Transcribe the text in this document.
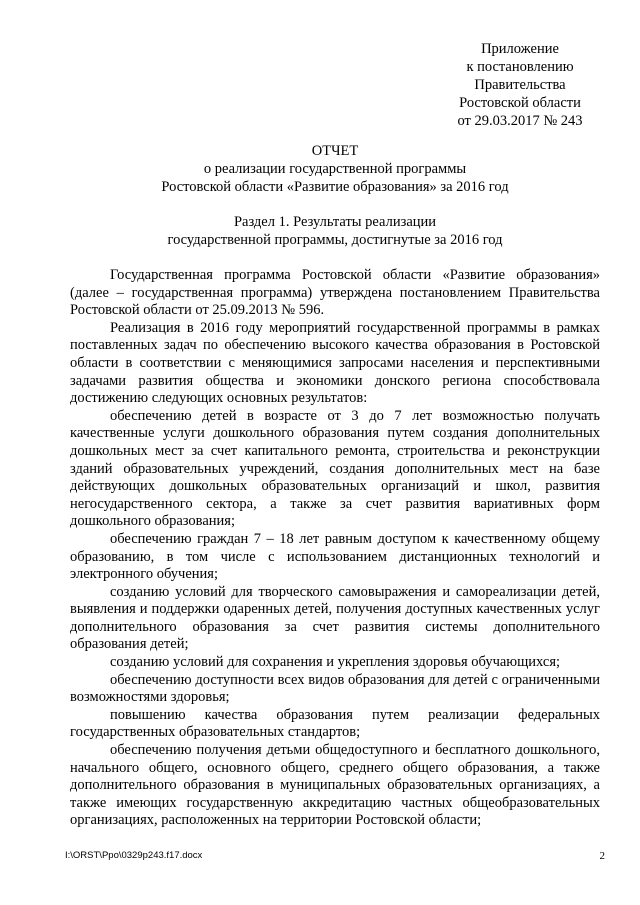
Приложение
к постановлению
Правительства
Ростовской области
от 29.03.2017 № 243
ОТЧЕТ
о реализации государственной программы
Ростовской области «Развитие образования» за 2016 год
Раздел 1. Результаты реализации
государственной программы, достигнутые за 2016 год

Государственная программа Ростовской области «Развитие образования» (далее – государственная программа) утверждена постановлением Правительства Ростовской области от 25.09.2013 № 596.

Реализация в 2016 году мероприятий государственной программы в рамках поставленных задач по обеспечению высокого качества образования в Ростовской области в соответствии с меняющимися запросами населения и перспективными задачами развития общества и экономики донского региона способствовала достижению следующих основных результатов:

обеспечению детей в возрасте от 3 до 7 лет возможностью получать качественные услуги дошкольного образования путем создания дополнительных дошкольных мест за счет капитального ремонта, строительства и реконструкции зданий образовательных учреждений, создания дополнительных мест на базе действующих дошкольных образовательных организаций и школ, развития негосударственного сектора, а также за счет развития вариативных форм дошкольного образования;

обеспечению граждан 7 – 18 лет равным доступом к качественному общему образованию, в том числе с использованием дистанционных технологий и электронного обучения;

созданию условий для творческого самовыражения и самореализации детей, выявления и поддержки одаренных детей, получения доступных качественных услуг дополнительного образования за счет развития системы дополнительного образования детей;

созданию условий для сохранения и укрепления здоровья обучающихся;

обеспечению доступности всех видов образования для детей с ограниченными возможностями здоровья;

повышению качества образования путем реализации федеральных государственных образовательных стандартов;

обеспечению получения детьми общедоступного и бесплатного дошкольного, начального общего, основного общего, среднего общего образования, а также дополнительного образования в муниципальных образовательных организациях, а также имеющих государственную аккредитацию частных общеобразовательных организациях, расположенных на территории Ростовской области;

I:\ORST\Ppo\0329p243.f17.docx	2
